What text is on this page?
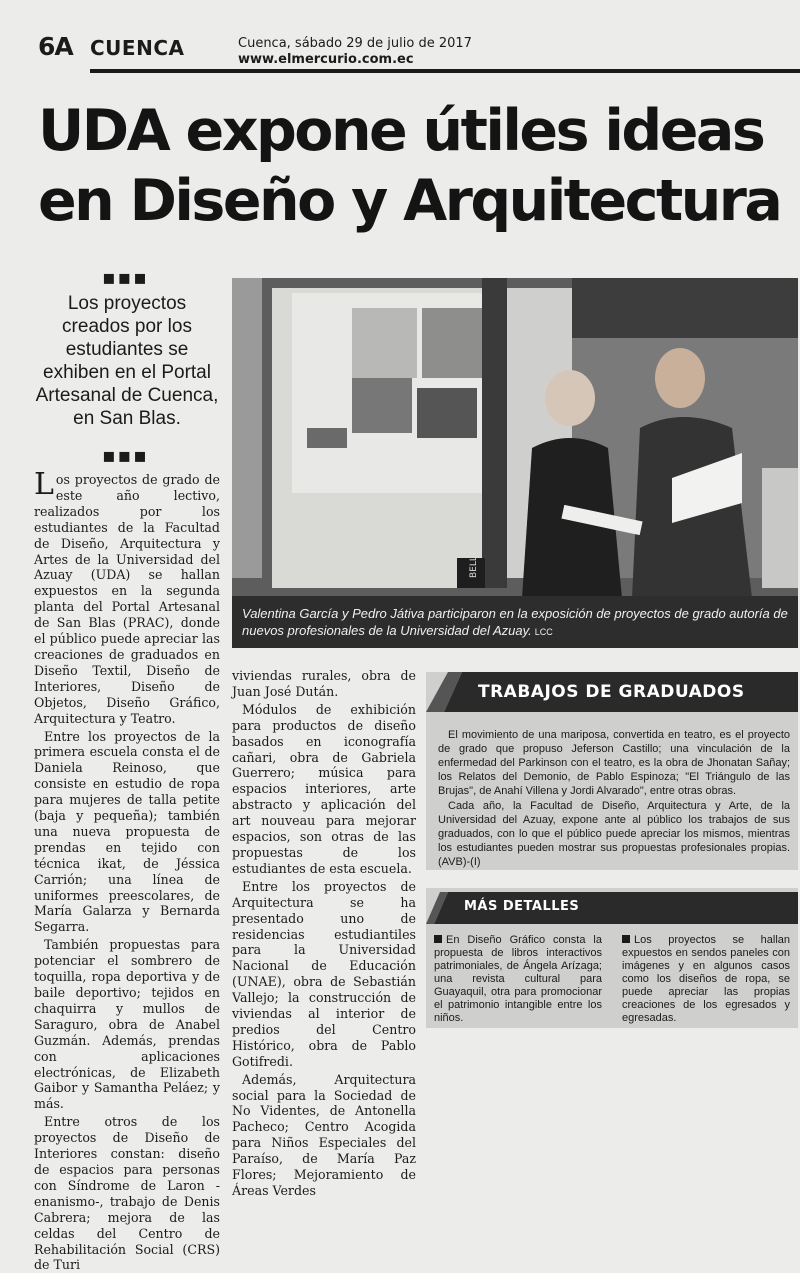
6A CUENCA	Cuenca, sábado 29 de julio de 2017
www.elmercurio.com.ec
UDA expone útiles ideas
en Diseño y Arquitectura
▪▪▪
Los proyectos creados por los estudiantes se exhiben en el Portal Artesanal de Cuenca, en San Blas.
▪▪▪
BELLA
Valentina García y Pedro Játiva participaron en la exposición de proyectos de grado autoría de nuevos profesionales de la Universidad del Azuay. LCC

Los proyectos de grado de este año lectivo, realizados por los estudiantes de la Facultad de Diseño, Arquitectura y Artes de la Universidad del Azuay (UDA) se hallan expuestos en la segunda planta del Portal Artesanal de San Blas (PRAC), donde el público puede apreciar las creaciones de graduados en Diseño Textil, Diseño de Interiores, Diseño de Objetos, Diseño Gráfico, Arquitectura y Teatro.

Entre los proyectos de la primera escuela consta el de Daniela Reinoso, que consiste en estudio de ropa para mujeres de talla petite (baja y pequeña); también una nueva propuesta de prendas en tejido con técnica ikat, de Jéssica Carrión; una línea de uniformes preescolares, de María Galarza y Bernarda Segarra.

También propuestas para potenciar el sombrero de toquilla, ropa deportiva y de baile deportivo; tejidos en chaquirra y mullos de Saraguro, obra de Anabel Guzmán. Además, prendas con aplicaciones electrónicas, de Elizabeth Gaibor y Samantha Peláez; y más.

Entre otros de los proyectos de Diseño de Interiores constan: diseño de espacios para personas con Síndrome de Laron -enanismo-, trabajo de Denis Cabrera; mejora de las celdas del Centro de Rehabilitación Social (CRS) de Turi

viviendas rurales, obra de Juan José Dután.

Módulos de exhibición para productos de diseño basados en iconografía cañari, obra de Gabriela Guerrero; música para espacios interiores, arte abstracto y aplicación del art nouveau para mejorar espacios, son otras de las propuestas de los estudiantes de esta escuela.

Entre los proyectos de Arquitectura se ha presentado uno de residencias estudiantiles para la Universidad Nacional de Educación (UNAE), obra de Sebastián Vallejo; la construcción de viviendas al interior de predios del Centro Histórico, obra de Pablo Gotifredi.

Además, Arquitectura social para la Sociedad de No Videntes, de Antonella Pacheco; Centro Acogida para Niños Especiales del Paraíso, de María Paz Flores; Mejoramiento de Áreas Verdes

TRABAJOS DE GRADUADOS

El movimiento de una mariposa, convertida en teatro, es el proyecto de grado que propuso Jeferson Castillo; una vinculación de la enfermedad del Parkinson con el teatro, es la obra de Jhonatan Sañay; los Relatos del Demonio, de Pablo Espinoza; "El Triángulo de las Brujas", de Anahí Villena y Jordi Alvarado", entre otras obras.

Cada año, la Facultad de Diseño, Arquitectura y Arte, de la Universidad del Azuay, expone ante al público los trabajos de sus graduados, con lo que el público puede apreciar los mismos, mientras los estudiantes pueden mostrar sus propuestas profesionales propias. (AVB)-(I)

MÁS DETALLES
En Diseño Gráfico consta la propuesta de libros interactivos patrimoniales, de Ángela Arízaga; una revista cultural para Guayaquil, otra para promocionar el patrimonio intangible entre los niños.
Los proyectos se hallan expuestos en sendos paneles con imágenes y en algunos casos como los diseños de ropa, se puede apreciar las propias creaciones de los egresados y egresadas.
